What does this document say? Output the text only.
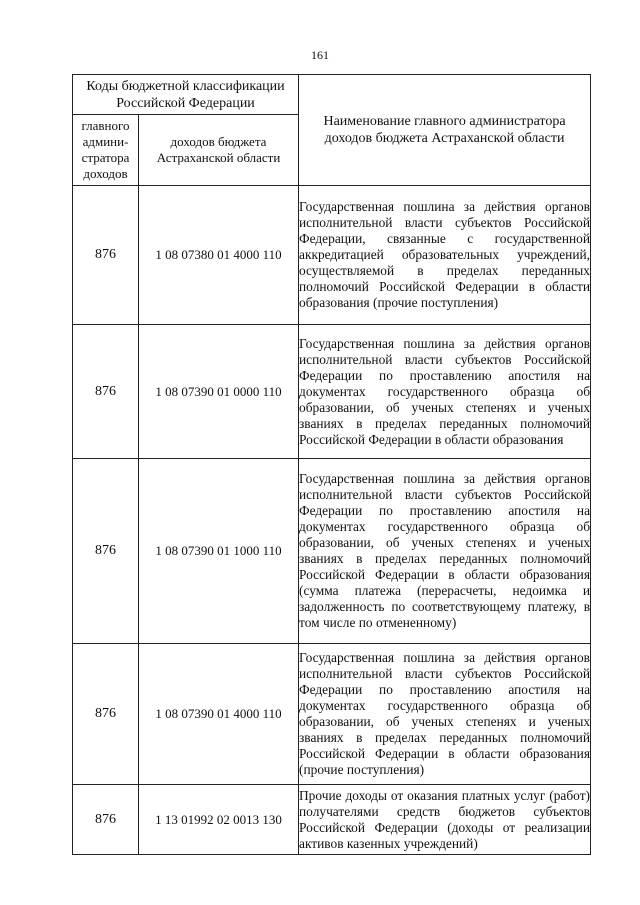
161
Коды бюджетной классификации Российской Федерации		Наименование главного администратора доходов бюджета Астраханской области
главного админи-стратора доходов	доходов бюджета Астраханской области	
876	1 08 07380 01 4000 110	Государственная пошлина за действия органов исполнительной власти субъектов Российской Федерации, связанные с государственной аккредитацией образовательных учреждений, осуществляемой в пределах переданных полномочий Российской Федерации в области образования (прочие поступления)
876	1 08 07390 01 0000 110	Государственная пошлина за действия органов исполнительной власти субъектов Российской Федерации по проставлению апостиля на документах государственного образца об образовании, об ученых степенях и ученых званиях в пределах переданных полномочий Российской Федерации в области образования
876	1 08 07390 01 1000 110	Государственная пошлина за действия органов исполнительной власти субъектов Российской Федерации по проставлению апостиля на документах государственного образца об образовании, об ученых степенях и ученых званиях в пределах переданных полномочий Российской Федерации в области образования (сумма платежа (перерасчеты, недоимка и задолженность по соответствующему платежу, в том числе по отмененному)
876	1 08 07390 01 4000 110	Государственная пошлина за действия органов исполнительной власти субъектов Российской Федерации по проставлению апостиля на документах государственного образца об образовании, об ученых степенях и ученых званиях в пределах переданных полномочий Российской Федерации в области образования (прочие поступления)
876	1 13 01992 02 0013 130	Прочие доходы от оказания платных услуг (работ) получателями средств бюджетов субъектов Российской Федерации (доходы от реализации активов казенных учреждений)
